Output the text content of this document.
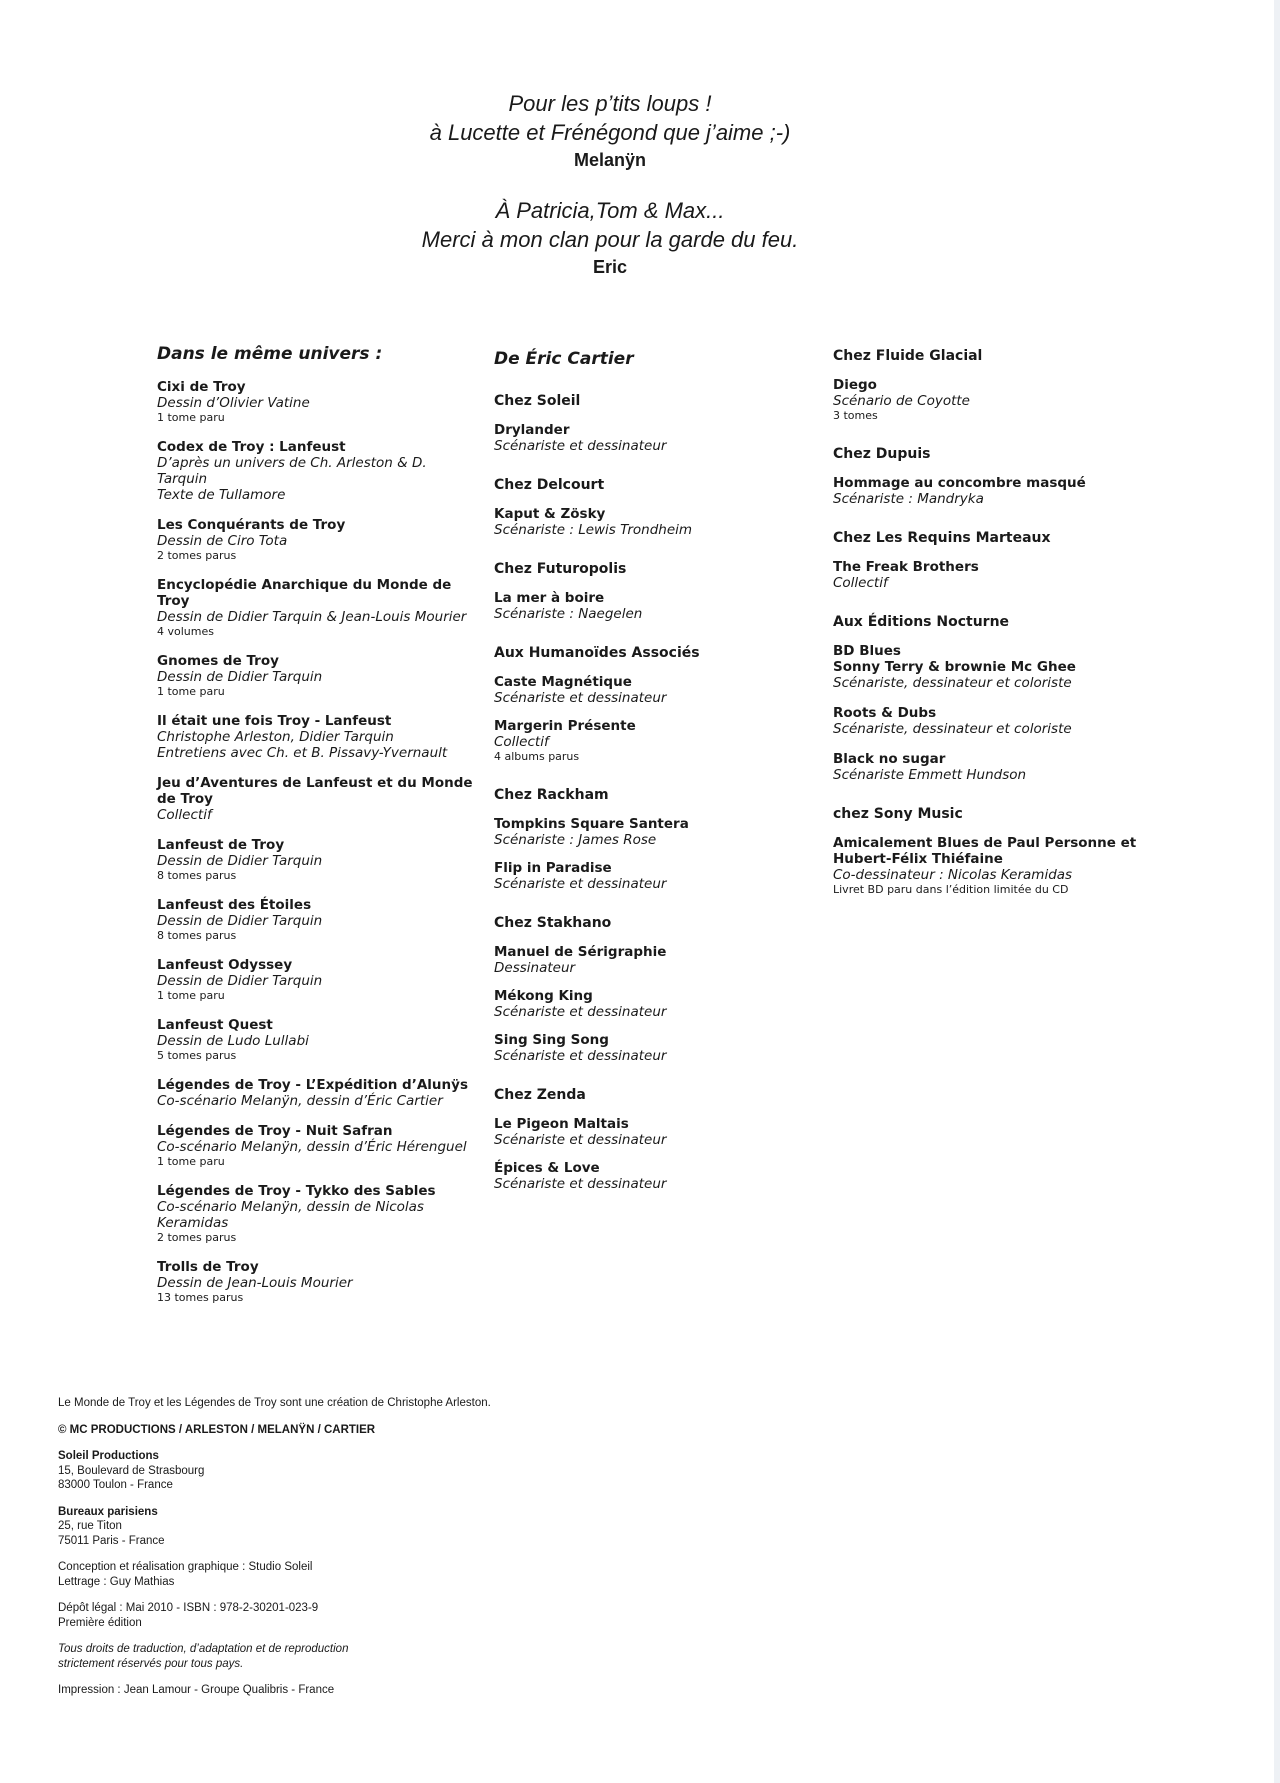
Pour les p’tits loups !
à Lucette et Frénégond que j’aime ;-)
Melanÿn
À Patricia,Tom & Max...
Merci à mon clan pour la garde du feu.
Eric
Dans le même univers :
Cixi de Troy
Dessin d’Olivier Vatine
1 tome paru
Codex de Troy : Lanfeust
D’après un univers de Ch. Arleston & D. Tarquin
Texte de Tullamore
Les Conquérants de Troy
Dessin de Ciro Tota
2 tomes parus
Encyclopédie Anarchique du Monde de Troy
Dessin de Didier Tarquin & Jean-Louis Mourier
4 volumes
Gnomes de Troy
Dessin de Didier Tarquin
1 tome paru
Il était une fois Troy - Lanfeust
Christophe Arleston, Didier Tarquin
Entretiens avec Ch. et B. Pissavy-Yvernault
Jeu d’Aventures de Lanfeust et du Monde de Troy
Collectif
Lanfeust de Troy
Dessin de Didier Tarquin
8 tomes parus
Lanfeust des Étoiles
Dessin de Didier Tarquin
8 tomes parus
Lanfeust Odyssey
Dessin de Didier Tarquin
1 tome paru
Lanfeust Quest
Dessin de Ludo Lullabi
5 tomes parus
Légendes de Troy - L’Expédition d’Alunÿs
Co-scénario Melanÿn, dessin d’Éric Cartier
Légendes de Troy - Nuit Safran
Co-scénario Melanÿn, dessin d’Éric Hérenguel
1 tome paru
Légendes de Troy - Tykko des Sables
Co-scénario Melanÿn, dessin de Nicolas Keramidas
2 tomes parus
Trolls de Troy
Dessin de Jean-Louis Mourier
13 tomes parus
De Éric Cartier
Chez Soleil
Drylander
Scénariste et dessinateur
Chez Delcourt
Kaput & Zösky
Scénariste : Lewis Trondheim
Chez Futuropolis
La mer à boire
Scénariste : Naegelen
Aux Humanoïdes Associés
Caste Magnétique
Scénariste et dessinateur
Margerin Présente
Collectif
4 albums parus
Chez Rackham
Tompkins Square Santera
Scénariste : James Rose
Flip in Paradise
Scénariste et dessinateur
Chez Stakhano
Manuel de Sérigraphie
Dessinateur
Mékong King
Scénariste et dessinateur
Sing Sing Song
Scénariste et dessinateur
Chez Zenda
Le Pigeon Maltais
Scénariste et dessinateur
Épices & Love
Scénariste et dessinateur
Chez Fluide Glacial
Diego
Scénario de Coyotte
3 tomes
Chez Dupuis
Hommage au concombre masqué
Scénariste : Mandryka
Chez Les Requins Marteaux
The Freak Brothers
Collectif
Aux Éditions Nocturne
BD Blues
Sonny Terry & brownie Mc Ghee
Scénariste, dessinateur et coloriste
Roots & Dubs
Scénariste, dessinateur et coloriste
Black no sugar
Scénariste Emmett Hundson
chez Sony Music
Amicalement Blues de Paul Personne et Hubert-Félix Thiéfaine
Co-dessinateur : Nicolas Keramidas
Livret BD paru dans l’édition limitée du CD
Le Monde de Troy et les Légendes de Troy sont une création de Christophe Arleston.
© MC PRODUCTIONS / ARLESTON / MELANŸN / CARTIER
Soleil Productions
15, Boulevard de Strasbourg
83000 Toulon - France
Bureaux parisiens
25, rue Titon
75011 Paris - France
Conception et réalisation graphique : Studio Soleil
Lettrage : Guy Mathias
Dépôt légal : Mai 2010 - ISBN : 978-2-30201-023-9
Première édition
Tous droits de traduction, d’adaptation et de reproduction
strictement réservés pour tous pays.
Impression : Jean Lamour - Groupe Qualibris - France
